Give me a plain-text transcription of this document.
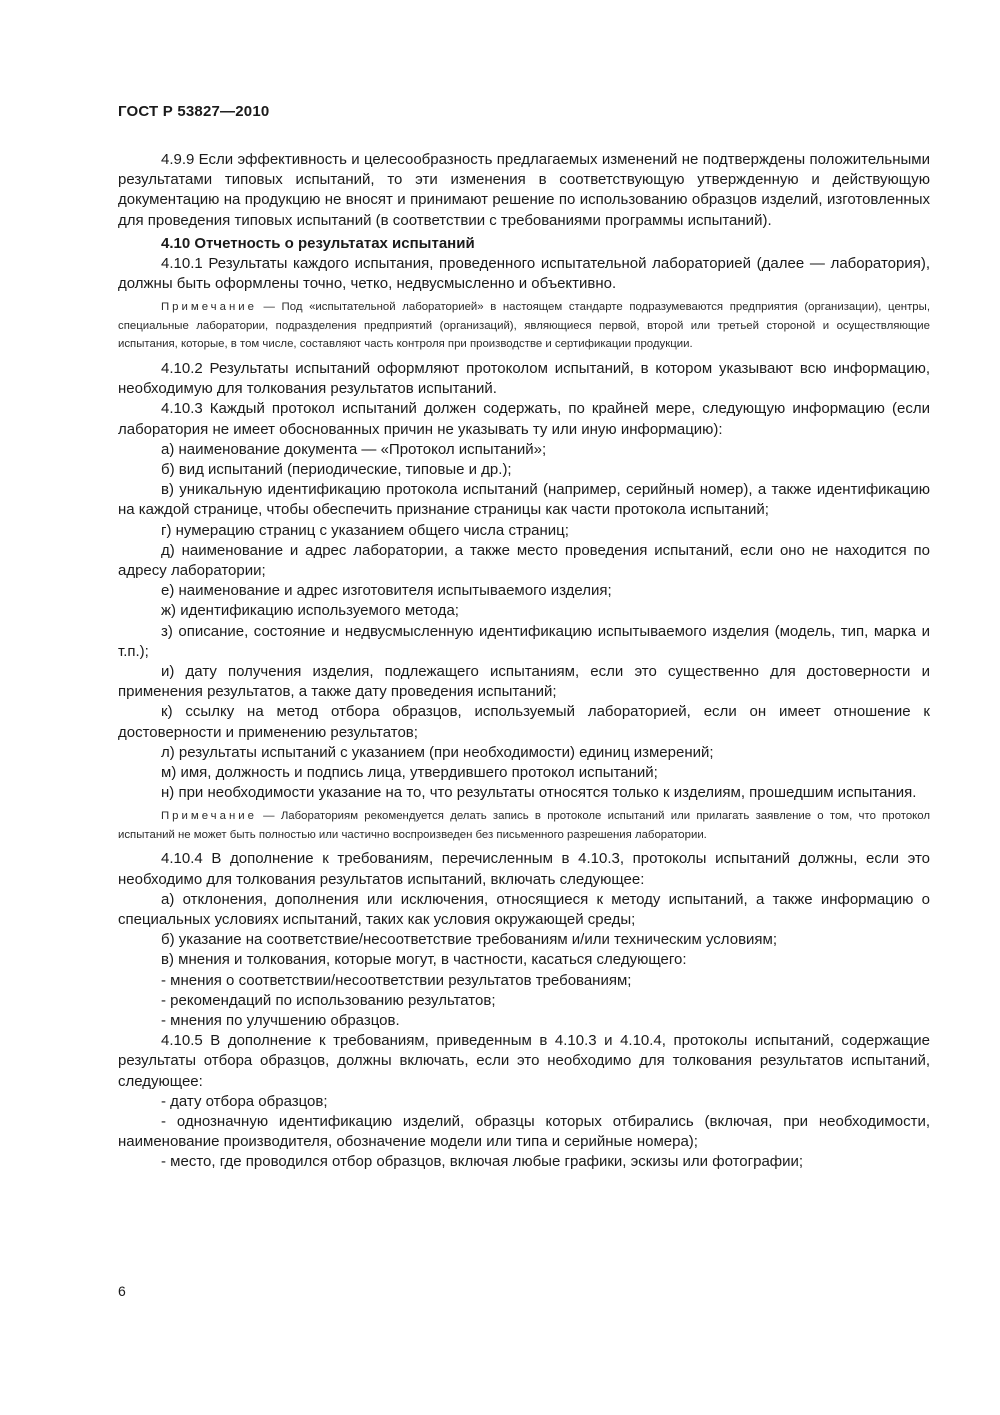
ГОСТ Р 53827—2010

4.9.9 Если эффективность и целесообразность предлагаемых изменений не подтверждены положительными результатами типовых испытаний, то эти изменения в соответствующую утвержденную и действующую документацию на продукцию не вносят и принимают решение по использованию образцов изделий, изготовленных для проведения типовых испытаний (в соответствии с требованиями программы испытаний).

4.10 Отчетность о результатах испытаний

4.10.1 Результаты каждого испытания, проведенного испытательной лабораторией (далее — лаборатория), должны быть оформлены точно, четко, недвусмысленно и объективно.

Примечание — Под «испытательной лабораторией» в настоящем стандарте подразумеваются предприятия (организации), центры, специальные лаборатории, подразделения предприятий (организаций), являющиеся первой, второй или третьей стороной и осуществляющие испытания, которые, в том числе, составляют часть контроля при производстве и сертификации продукции.

4.10.2 Результаты испытаний оформляют протоколом испытаний, в котором указывают всю информацию, необходимую для толкования результатов испытаний.

4.10.3 Каждый протокол испытаний должен содержать, по крайней мере, следующую информацию (если лаборатория не имеет обоснованных причин не указывать ту или иную информацию):

а) наименование документа — «Протокол испытаний»;

б) вид испытаний (периодические, типовые и др.);

в) уникальную идентификацию протокола испытаний (например, серийный номер), а также идентификацию на каждой странице, чтобы обеспечить признание страницы как части протокола испытаний;

г) нумерацию страниц с указанием общего числа страниц;

д) наименование и адрес лаборатории, а также место проведения испытаний, если оно не находится по адресу лаборатории;

е) наименование и адрес изготовителя испытываемого изделия;

ж) идентификацию используемого метода;

з) описание, состояние и недвусмысленную идентификацию испытываемого изделия (модель, тип, марка и т.п.);

и) дату получения изделия, подлежащего испытаниям, если это существенно для достоверности и применения результатов, а также дату проведения испытаний;

к) ссылку на метод отбора образцов, используемый лабораторией, если он имеет отношение к достоверности и применению результатов;

л) результаты испытаний с указанием (при необходимости) единиц измерений;

м) имя, должность и подпись лица, утвердившего протокол испытаний;

н) при необходимости указание на то, что результаты относятся только к изделиям, прошедшим испытания.

Примечание — Лабораториям рекомендуется делать запись в протоколе испытаний или прилагать заявление о том, что протокол испытаний не может быть полностью или частично воспроизведен без письменного разрешения лаборатории.

4.10.4 В дополнение к требованиям, перечисленным в 4.10.3, протоколы испытаний должны, если это необходимо для толкования результатов испытаний, включать следующее:

а) отклонения, дополнения или исключения, относящиеся к методу испытаний, а также информацию о специальных условиях испытаний, таких как условия окружающей среды;

б) указание на соответствие/несоответствие требованиям и/или техническим условиям;

в) мнения и толкования, которые могут, в частности, касаться следующего:

- мнения о соответствии/несоответствии результатов требованиям;

- рекомендаций по использованию результатов;

- мнения по улучшению образцов.

4.10.5 В дополнение к требованиям, приведенным в 4.10.3 и 4.10.4, протоколы испытаний, содержащие результаты отбора образцов, должны включать, если это необходимо для толкования результатов испытаний, следующее:

- дату отбора образцов;

- однозначную идентификацию изделий, образцы которых отбирались (включая, при необходимости, наименование производителя, обозначение модели или типа и серийные номера);

- место, где проводился отбор образцов, включая любые графики, эскизы или фотографии;

6
